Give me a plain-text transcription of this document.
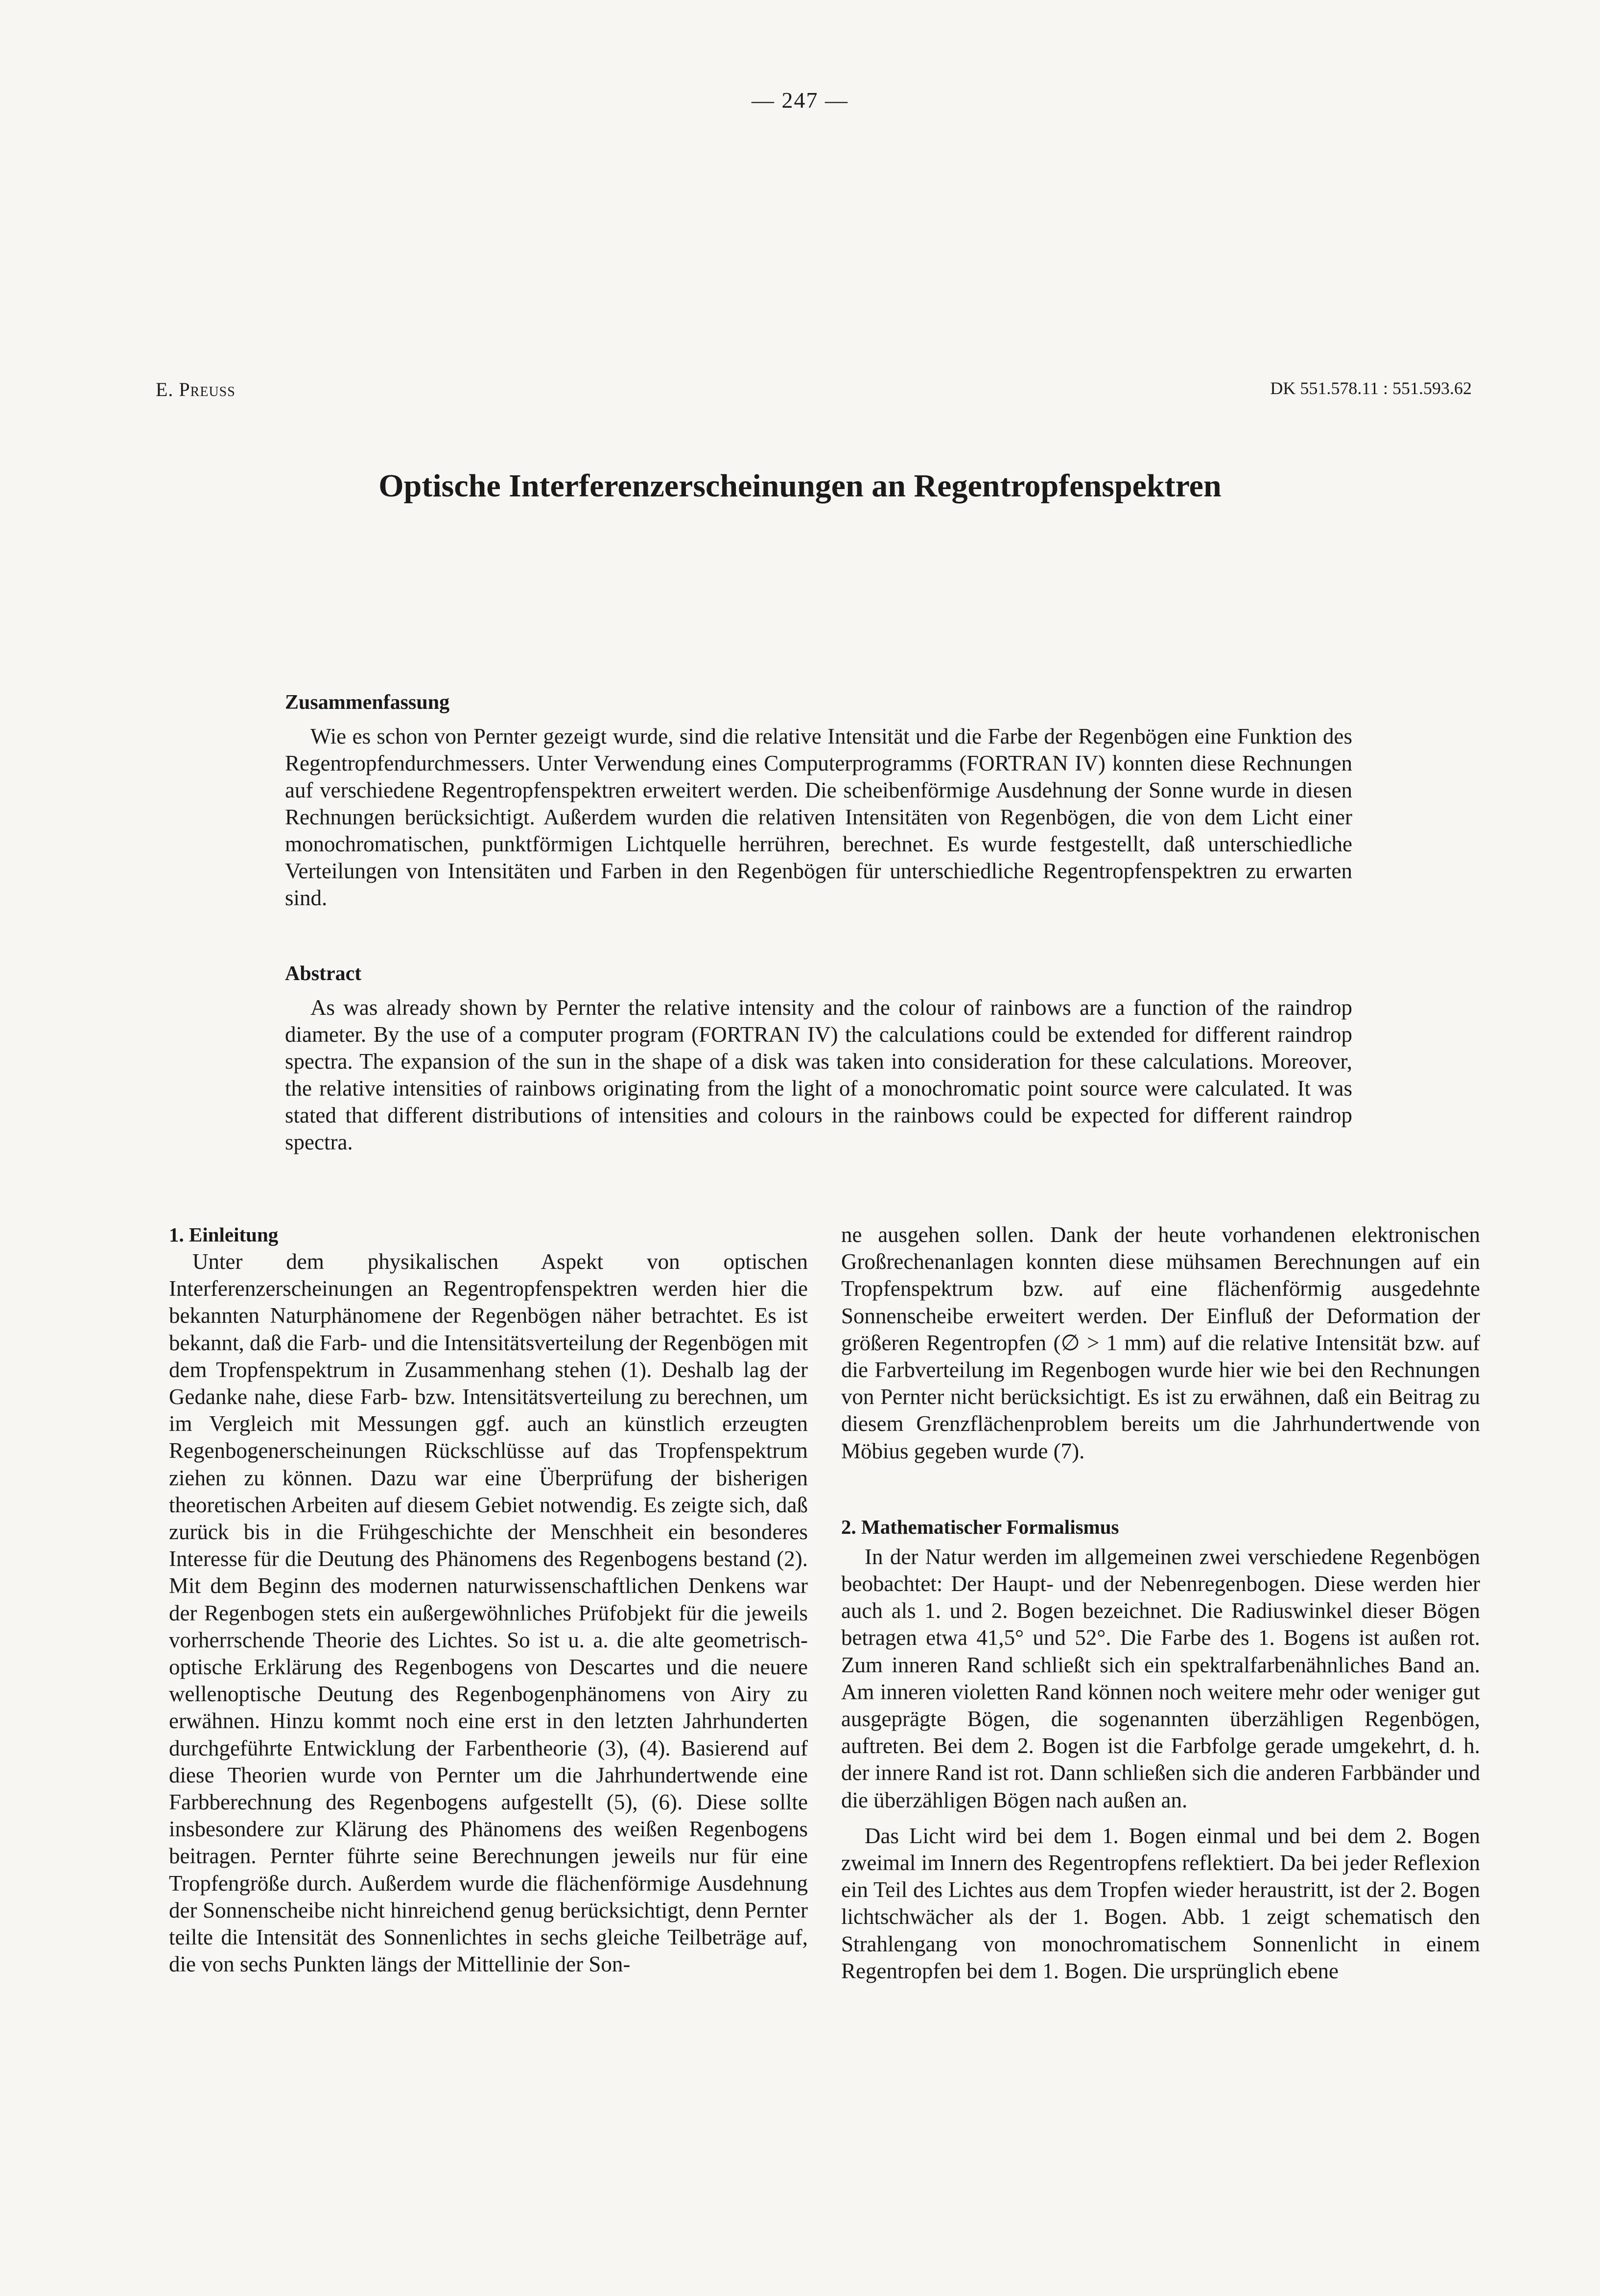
— 247 —
E. Preuss	DK 551.578.11 : 551.593.62
Optische Interferenzerscheinungen an Regentropfenspektren
Zusammenfassung

Wie es schon von Pernter gezeigt wurde, sind die relative Intensität und die Farbe der Regenbögen eine Funktion des Regentropfendurchmessers. Unter Verwendung eines Computerprogramms (FORTRAN IV) konnten diese Rechnungen auf verschiedene Regentropfenspektren erweitert werden. Die scheibenförmige Ausdehnung der Sonne wurde in diesen Rechnungen berücksichtigt. Außerdem wurden die relativen Intensitäten von Regenbögen, die von dem Licht einer monochromatischen, punktförmigen Lichtquelle herrühren, berechnet. Es wurde festgestellt, daß unterschiedliche Verteilungen von Intensitäten und Farben in den Regenbögen für unterschiedliche Regentropfenspektren zu erwarten sind.

Abstract

As was already shown by Pernter the relative intensity and the colour of rainbows are a function of the raindrop diameter. By the use of a computer program (FORTRAN IV) the calculations could be extended for different raindrop spectra. The expansion of the sun in the shape of a disk was taken into consideration for these calculations. Moreover, the relative intensities of rainbows originating from the light of a monochromatic point source were calculated. It was stated that different distributions of intensities and colours in the rainbows could be expected for different raindrop spectra.

1. Einleitung

Unter dem physikalischen Aspekt von optischen Interferenzerscheinungen an Regentropfenspektren werden hier die bekannten Naturphänomene der Regenbögen näher betrachtet. Es ist bekannt, daß die Farb- und die Intensitätsverteilung der Regenbögen mit dem Tropfenspektrum in Zusammenhang stehen (1). Deshalb lag der Gedanke nahe, diese Farb- bzw. Intensitätsverteilung zu berechnen, um im Vergleich mit Messungen ggf. auch an künstlich erzeugten Regenbogenerscheinungen Rückschlüsse auf das Tropfenspektrum ziehen zu können. Dazu war eine Überprüfung der bisherigen theoretischen Arbeiten auf diesem Gebiet notwendig. Es zeigte sich, daß zurück bis in die Frühgeschichte der Menschheit ein besonderes Interesse für die Deutung des Phänomens des Regenbogens bestand (2). Mit dem Beginn des modernen naturwissenschaftlichen Denkens war der Regenbogen stets ein außergewöhnliches Prüfobjekt für die jeweils vorherrschende Theorie des Lichtes. So ist u. a. die alte geometrisch-optische Erklärung des Regenbogens von Descartes und die neuere wellenoptische Deutung des Regenbogenphänomens von Airy zu erwähnen. Hinzu kommt noch eine erst in den letzten Jahrhunderten durchgeführte Entwicklung der Farbentheorie (3), (4). Basierend auf diese Theorien wurde von Pernter um die Jahrhundertwende eine Farbberechnung des Regenbogens aufgestellt (5), (6). Diese sollte insbesondere zur Klärung des Phänomens des weißen Regenbogens beitragen. Pernter führte seine Berechnungen jeweils nur für eine Tropfengröße durch. Außerdem wurde die flächenförmige Ausdehnung der Sonnenscheibe nicht hinreichend genug berücksichtigt, denn Pernter teilte die Intensität des Sonnenlichtes in sechs gleiche Teilbeträge auf, die von sechs Punkten längs der Mittellinie der Son-

ne ausgehen sollen. Dank der heute vorhandenen elektronischen Großrechenanlagen konnten diese mühsamen Berechnungen auf ein Tropfenspektrum bzw. auf eine flächenförmig ausgedehnte Sonnenscheibe erweitert werden. Der Einfluß der Deformation der größeren Regentropfen (∅ > 1 mm) auf die relative Intensität bzw. auf die Farbverteilung im Regenbogen wurde hier wie bei den Rechnungen von Pernter nicht berücksichtigt. Es ist zu erwähnen, daß ein Beitrag zu diesem Grenzflächenproblem bereits um die Jahrhundertwende von Möbius gegeben wurde (7).

2. Mathematischer Formalismus

In der Natur werden im allgemeinen zwei verschiedene Regenbögen beobachtet: Der Haupt- und der Nebenregenbogen. Diese werden hier auch als 1. und 2. Bogen bezeichnet. Die Radiuswinkel dieser Bögen betragen etwa 41,5° und 52°. Die Farbe des 1. Bogens ist außen rot. Zum inneren Rand schließt sich ein spektralfarbenähnliches Band an. Am inneren violetten Rand können noch weitere mehr oder weniger gut ausgeprägte Bögen, die sogenannten überzähligen Regenbögen, auftreten. Bei dem 2. Bogen ist die Farbfolge gerade umgekehrt, d. h. der innere Rand ist rot. Dann schließen sich die anderen Farbbänder und die überzähligen Bögen nach außen an.

Das Licht wird bei dem 1. Bogen einmal und bei dem 2. Bogen zweimal im Innern des Regentropfens reflektiert. Da bei jeder Reflexion ein Teil des Lichtes aus dem Tropfen wieder heraustritt, ist der 2. Bogen lichtschwächer als der 1. Bogen. Abb. 1 zeigt schematisch den Strahlengang von monochromatischem Sonnenlicht in einem Regentropfen bei dem 1. Bogen. Die ursprünglich ebene
